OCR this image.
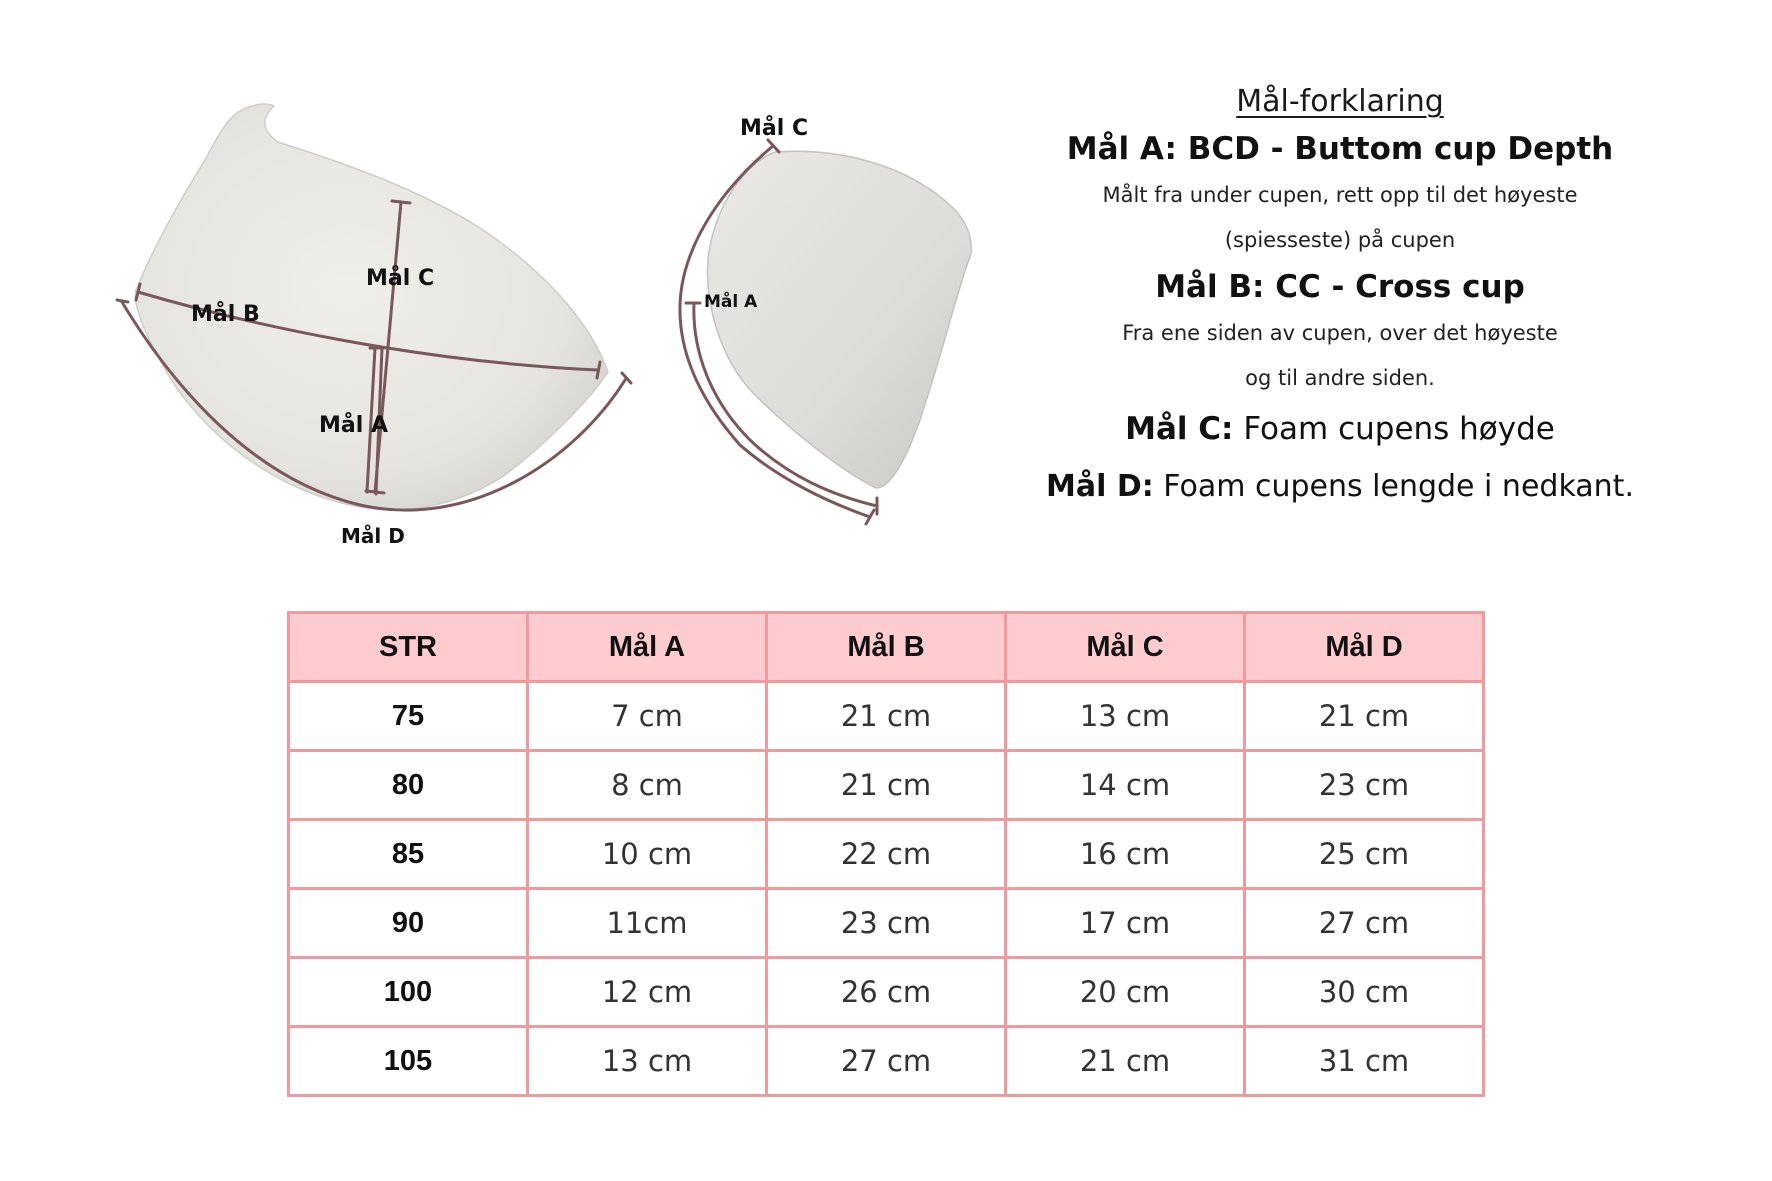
Mål C
Mål B
Mål A
Mål D
Mål C
Mål A
Mål-forklaring
Mål A: BCD - Buttom cup Depth

Målt fra under cupen, rett opp til det høyeste

(spiesseste) på cupen

Mål B: CC - Cross cup

Fra ene siden av cupen, over det høyeste

og til andre siden.

Mål C: Foam cupens høyde
Mål D: Foam cupens lengde i nedkant.
STR	Mål A	Mål B	Mål C	Mål D
75	7 cm	21 cm	13 cm	21 cm
80	8 cm	21 cm	14 cm	23 cm
85	10 cm	22 cm	16 cm	25 cm
90	11cm	23 cm	17 cm	27 cm
100	12 cm	26 cm	20 cm	30 cm
105	13 cm	27 cm	21 cm	31 cm
